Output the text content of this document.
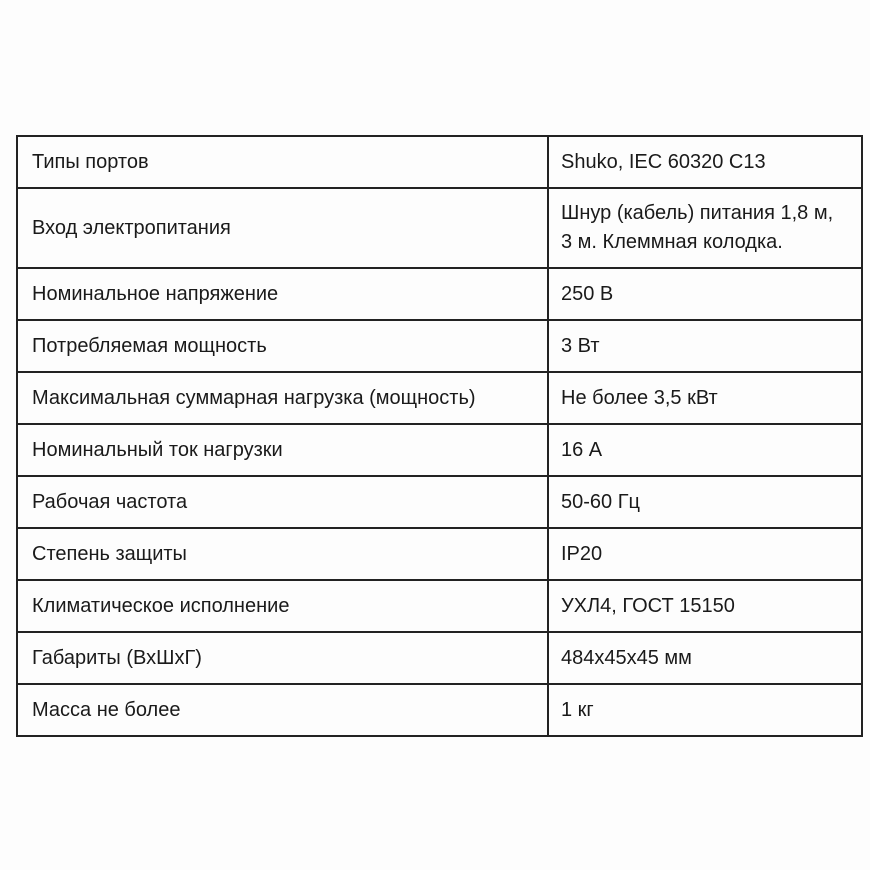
Типы портов	Shuko, IEC 60320 C13
Вход электропитания	Шнур (кабель) питания 1,8 м, 3 м. Клеммная колодка.
Номинальное напряжение	250 В
Потребляемая мощность	3 Вт
Максимальная суммарная нагрузка (мощность)	Не более 3,5 кВт
Номинальный ток нагрузки	16 А
Рабочая частота	50-60 Гц
Степень защиты	IP20
Климатическое исполнение	УХЛ4, ГОСТ 15150
Габариты (ВхШхГ)	484х45х45 мм
Масса не более	1 кг
